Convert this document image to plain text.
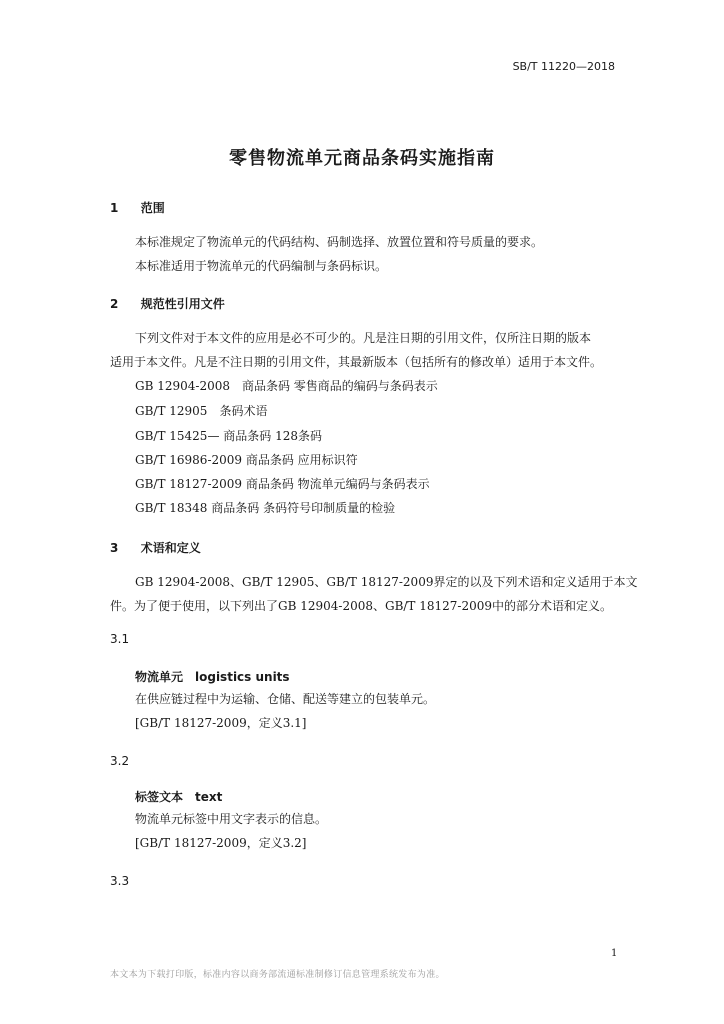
SB/T 11220—2018
零售物流单元商品条码实施指南
1 范围
本标准规定了物流单元的代码结构、码制选择、放置位置和符号质量的要求。
本标准适用于物流单元的代码编制与条码标识。
2 规范性引用文件
下列文件对于本文件的应用是必不可少的。凡是注日期的引用文件，仅所注日期的版本
适用于本文件。凡是不注日期的引用文件，其最新版本（包括所有的修改单）适用于本文件。
GB 12904-2008　商品条码 零售商品的编码与条码表示
GB/T 12905　条码术语
GB/T 15425— 商品条码 128条码
GB/T 16986-2009 商品条码 应用标识符
GB/T 18127-2009 商品条码 物流单元编码与条码表示
GB/T 18348 商品条码 条码符号印制质量的检验
3 术语和定义
GB 12904-2008、GB/T 12905、GB/T 18127-2009界定的以及下列术语和定义适用于本文
件。为了便于使用，以下列出了GB 12904-2008、GB/T 18127-2009中的部分术语和定义。
3.1
物流单元　logistics units
在供应链过程中为运输、仓储、配送等建立的包装单元。
[GB/T 18127-2009，定义3.1]
3.2
标签文本　text
物流单元标签中用文字表示的信息。
[GB/T 18127-2009，定义3.2]
3.3
1
本文本为下载打印版，标准内容以商务部流通标准制修订信息管理系统发布为准。
